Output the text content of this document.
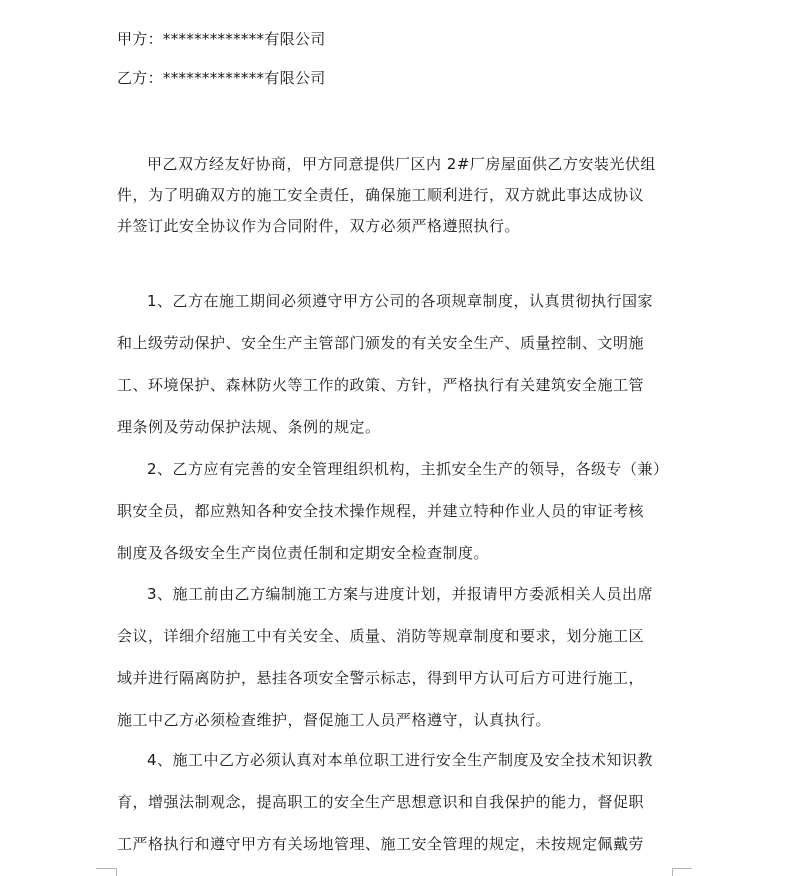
甲方：*************有限公司
乙方：*************有限公司
甲乙双方经友好协商，甲方同意提供厂区内 2#厂房屋面供乙方安装光伏组
件，为了明确双方的施工安全责任，确保施工顺利进行，双方就此事达成协议
并签订此安全协议作为合同附件，双方必须严格遵照执行。
1、乙方在施工期间必须遵守甲方公司的各项规章制度，认真贯彻执行国家
和上级劳动保护、安全生产主管部门颁发的有关安全生产、质量控制、文明施
工、环境保护、森林防火等工作的政策、方针，严格执行有关建筑安全施工管
理条例及劳动保护法规、条例的规定。
2、乙方应有完善的安全管理组织机构，主抓安全生产的领导，各级专（兼）
职安全员，都应熟知各种安全技术操作规程，并建立特种作业人员的审证考核
制度及各级安全生产岗位责任制和定期安全检查制度。
3、施工前由乙方编制施工方案与进度计划，并报请甲方委派相关人员出席
会议，详细介绍施工中有关安全、质量、消防等规章制度和要求，划分施工区
域并进行隔离防护，悬挂各项安全警示标志，得到甲方认可后方可进行施工，
施工中乙方必须检查维护，督促施工人员严格遵守，认真执行。
4、施工中乙方必须认真对本单位职工进行安全生产制度及安全技术知识教
育，增强法制观念，提高职工的安全生产思想意识和自我保护的能力，督促职
工严格执行和遵守甲方有关场地管理、施工安全管理的规定，未按规定佩戴劳
